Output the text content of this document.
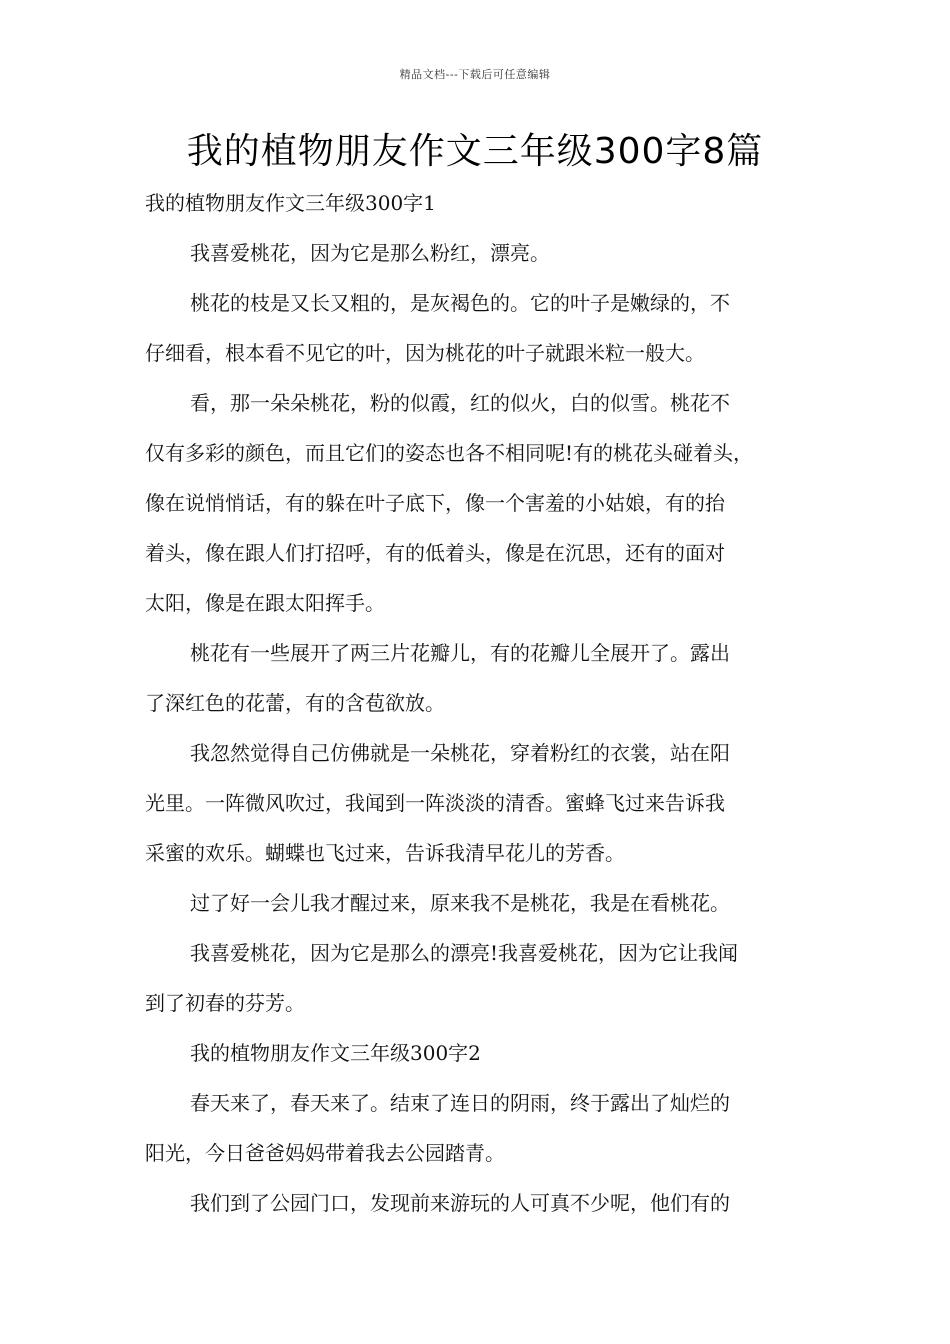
精品文档---下载后可任意编辑
我的植物朋友作文三年级300字8篇

我的植物朋友作文三年级300字1

我喜爱桃花，因为它是那么粉红，漂亮。

桃花的枝是又长又粗的，是灰褐色的。它的叶子是嫩绿的，不

仔细看，根本看不见它的叶，因为桃花的叶子就跟米粒一般大。

看，那一朵朵桃花，粉的似霞，红的似火，白的似雪。桃花不

仅有多彩的颜色，而且它们的姿态也各不相同呢!有的桃花头碰着头，

像在说悄悄话，有的躲在叶子底下，像一个害羞的小姑娘，有的抬

着头，像在跟人们打招呼，有的低着头，像是在沉思，还有的面对

太阳，像是在跟太阳挥手。

桃花有一些展开了两三片花瓣儿，有的花瓣儿全展开了。露出

了深红色的花蕾，有的含苞欲放。

我忽然觉得自己仿佛就是一朵桃花，穿着粉红的衣裳，站在阳

光里。一阵微风吹过，我闻到一阵淡淡的清香。蜜蜂飞过来告诉我

采蜜的欢乐。蝴蝶也飞过来，告诉我清早花儿的芳香。

过了好一会儿我才醒过来，原来我不是桃花，我是在看桃花。

我喜爱桃花，因为它是那么的漂亮!我喜爱桃花，因为它让我闻

到了初春的芬芳。

我的植物朋友作文三年级300字2

春天来了，春天来了。结束了连日的阴雨，终于露出了灿烂的

阳光，今日爸爸妈妈带着我去公园踏青。

我们到了公园门口，发现前来游玩的人可真不少呢，他们有的
